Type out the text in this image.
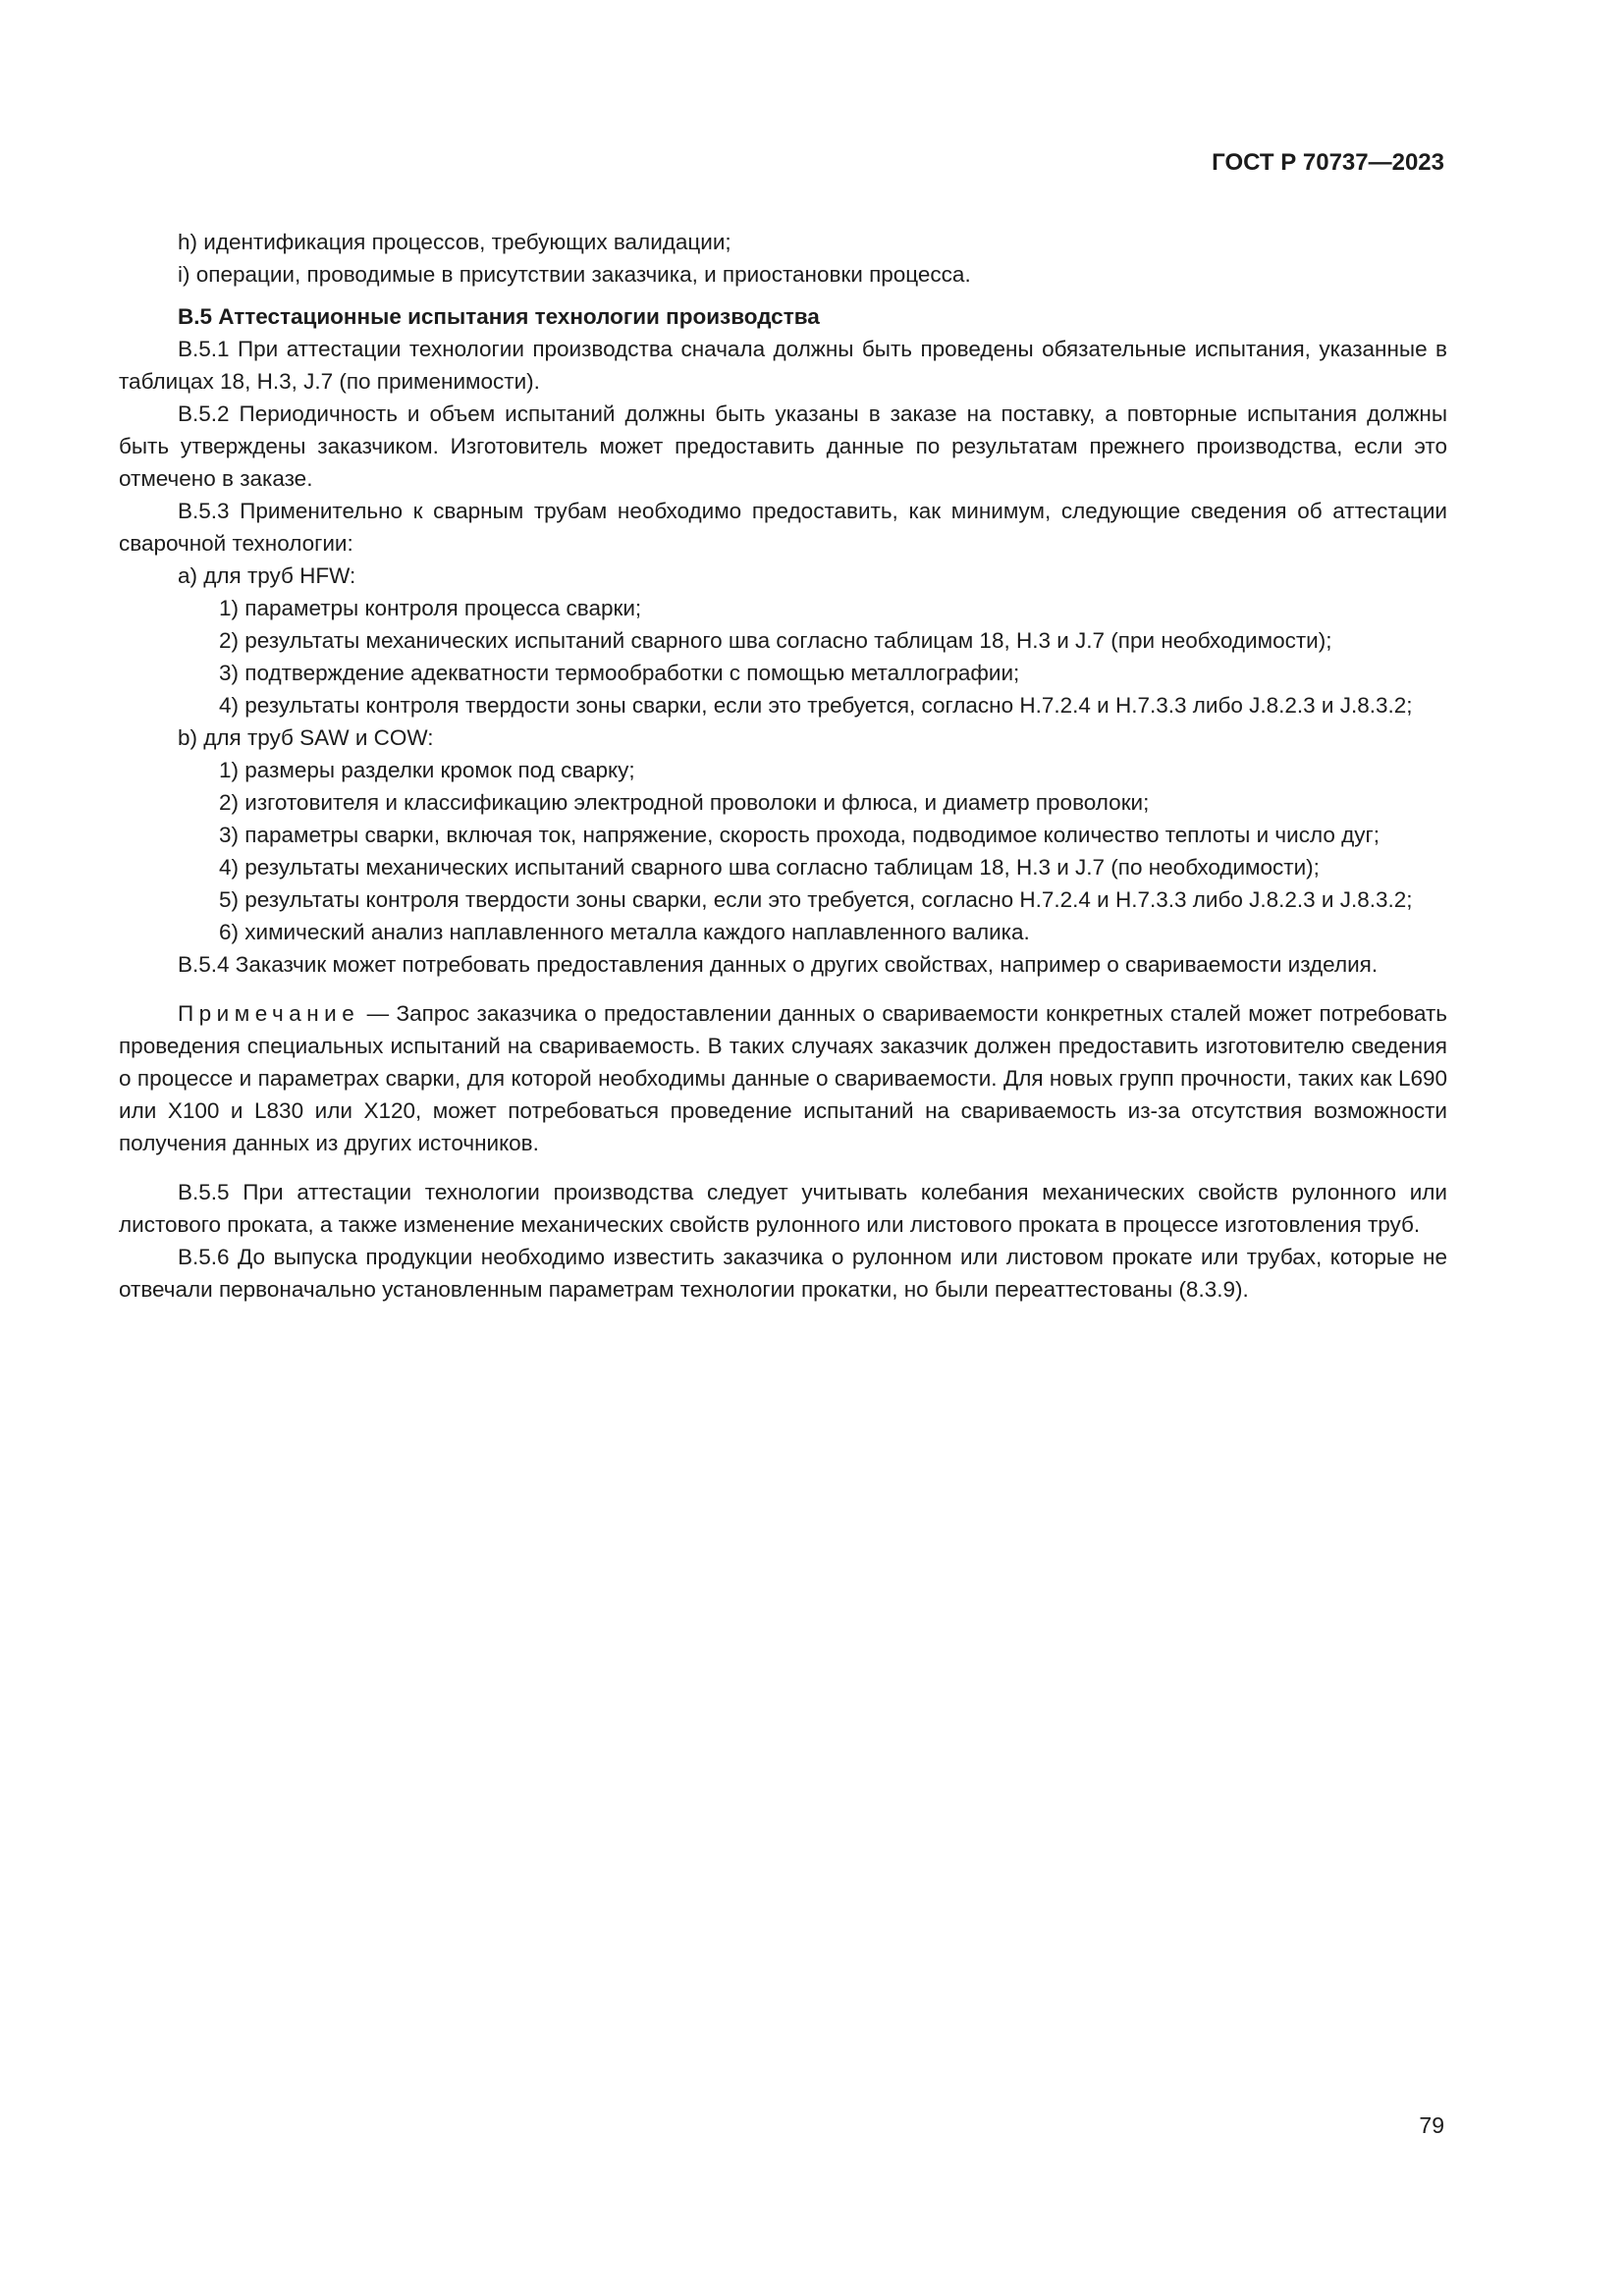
ГОСТ Р 70737—2023

h) идентификация процессов, требующих валидации;

i) операции, проводимые в присутствии заказчика, и приостановки процесса.

В.5 Аттестационные испытания технологии производства

В.5.1 При аттестации технологии производства сначала должны быть проведены обязательные испытания, указанные в таблицах 18, Н.3, J.7 (по применимости).

В.5.2 Периодичность и объем испытаний должны быть указаны в заказе на поставку, а повторные испытания должны быть утверждены заказчиком. Изготовитель может предоставить данные по результатам прежнего производства, если это отмечено в заказе.

В.5.3 Применительно к сварным трубам необходимо предоставить, как минимум, следующие сведения об аттестации сварочной технологии:

a) для труб HFW:

1) параметры контроля процесса сварки;

2) результаты механических испытаний сварного шва согласно таблицам 18, Н.3 и J.7 (при необходимости);

3) подтверждение адекватности термообработки с помощью металлографии;

4) результаты контроля твердости зоны сварки, если это требуется, согласно Н.7.2.4 и Н.7.3.3 либо J.8.2.3 и J.8.3.2;

b) для труб SAW и COW:

1) размеры разделки кромок под сварку;

2) изготовителя и классификацию электродной проволоки и флюса, и диаметр проволоки;

3) параметры сварки, включая ток, напряжение, скорость прохода, подводимое количество теплоты и число дуг;

4) результаты механических испытаний сварного шва согласно таблицам 18, Н.3 и J.7 (по необходимости);

5) результаты контроля твердости зоны сварки, если это требуется, согласно Н.7.2.4 и Н.7.3.3 либо J.8.2.3 и J.8.3.2;

6) химический анализ наплавленного металла каждого наплавленного валика.

В.5.4 Заказчик может потребовать предоставления данных о других свойствах, например о свариваемости изделия.

Примечание — Запрос заказчика о предоставлении данных о свариваемости конкретных сталей может потребовать проведения специальных испытаний на свариваемость. В таких случаях заказчик должен предоставить изготовителю сведения о процессе и параметрах сварки, для которой необходимы данные о свариваемости. Для новых групп прочности, таких как L690 или X100 и L830 или X120, может потребоваться проведение испытаний на свариваемость из-за отсутствия возможности получения данных из других источников.

В.5.5 При аттестации технологии производства следует учитывать колебания механических свойств рулонного или листового проката, а также изменение механических свойств рулонного или листового проката в процессе изготовления труб.

В.5.6 До выпуска продукции необходимо известить заказчика о рулонном или листовом прокате или трубах, которые не отвечали первоначально установленным параметрам технологии прокатки, но были переаттестованы (8.3.9).

79
